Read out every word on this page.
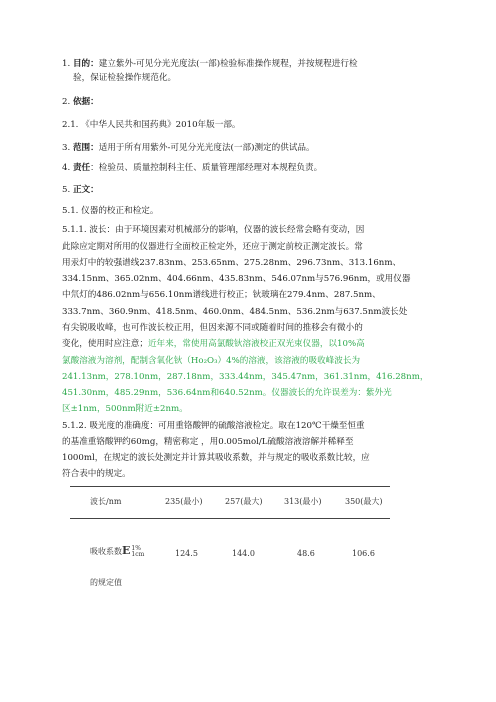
1. 目的：建立紫外-可见分光光度法(一部)检验标准操作规程，并按规程进行检
验，保证检验操作规范化。
2. 依据：
2.1. 《中华人民共和国药典》2010年版一部。
3. 范围：适用于所有用紫外-可见分光光度法(一部)测定的供试品。
4. 责任：检验员、质量控制科主任、质量管理部经理对本规程负责。
5. 正文：
5.1. 仪器的校正和检定。
5.1.1. 波长：由于环境因素对机械部分的影响，仪器的波长经常会略有变动，因
此除应定期对所用的仪器进行全面校正检定外，还应于测定前校正测定波长。常
用汞灯中的较强谱线237.83nm、253.65nm、275.28nm、296.73nm、313.16nm、
334.15nm、365.02nm、404.66nm、435.83nm、546.07nm与576.96nm，或用仪器
中氘灯的486.02nm与656.10nm谱线进行校正；钬玻璃在279.4nm、287.5nm、
333.7nm、360.9nm、418.5nm、460.0nm、484.5nm、536.2nm与637.5nm波长处
有尖锐吸收峰，也可作波长校正用，但因来源不同或随着时间的推移会有微小的
变化，使用时应注意；近年来，常使用高氯酸钬溶液校正双光束仪器，以10%高
氯酸溶液为溶剂，配制含氧化钬（Ho₂O₃）4%的溶液，该溶液的吸收峰波长为
241.13nm，278.10nm，287.18nm，333.44nm，345.47nm，361.31nm，416.28nm，
451.30nm，485.29nm，536.64nm和640.52nm。仪器波长的允许误差为：紫外光
区±1nm，500nm附近±2nm。
5.1.2. 吸光度的准确度：可用重铬酸钾的硫酸溶液检定。取在120℃干燥至恒重
的基准重铬酸钾约60mg，精密称定 ，用0.005mol/L硫酸溶液溶解并稀释至
1000ml，在规定的波长处测定并计算其吸收系数，并与规定的吸收系数比较，应
符合表中的规定。
波长/nm	235(最小)	257(最大)	313(最小)	350(最大)
吸收系数E1%
1cm	124.5	144.0	48.6	106.6
的规定值
